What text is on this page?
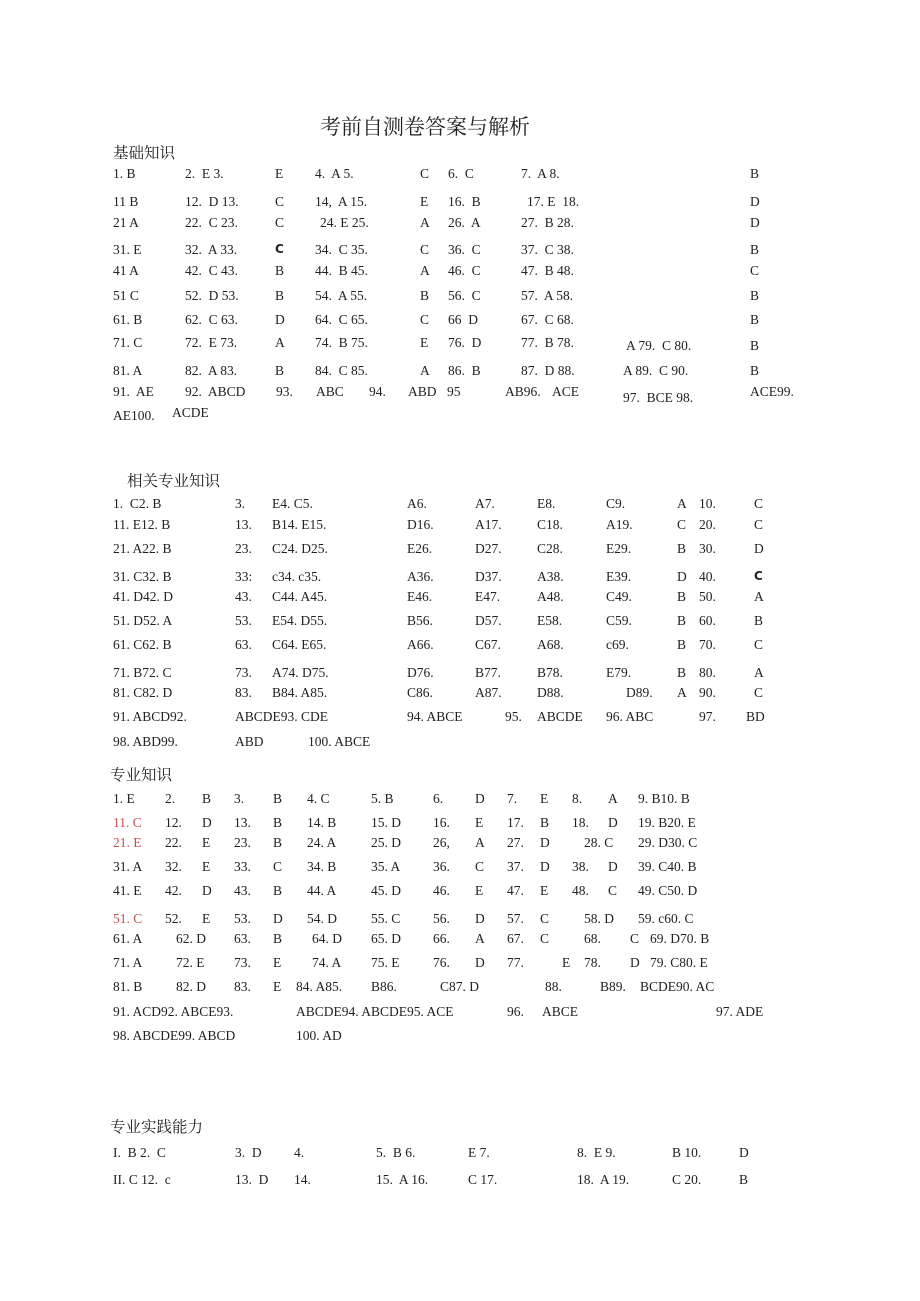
考前自测卷答案与解析
基础知识
1. B	2.  E 3.	E 4.  A 5.	C 6.  C	7.  A 8.	B
11 B	12.  D 13.	C 14,  A 15.	E 16.  B	17. E  18.	D
21 A	22.  C 23.	C	24. E 25.	A 26.  A	27.  B 28.	D
31. E	32.  A 33.	C 34.  C 35.	C 36.  C	37.  C 38.	B
41 A	42.  C 43.	B 44.  B 45.	A 46.  C	47.  B 48.	C
51 C	52.  D 53.	B 54.  A 55.	B 56.  C	57.  A 58.	B
61. B	62.  C 63.	D 64.  C 65.	C 66  D	67.  C 68.	B
71. C	72.  E 73.	A 74.  B 75.	E 76.  D	77.  B 78.	A 79.  C 80.	B
81. A	82.  A 83.	B 84.  C 85.	A 86.  B	87.  D 88.	A 89.  C 90.	B
91.  AE 92.  ABCD 93. ABC 94. ABD 95	AB96. ACE	97.  BCE 98.	ACE99.
AE100. ACDE
相关专业知识
1.  C2. B	3. E4. C5.	A6.	A7.	E8.	C9.	A 10.	C
11. E12. B	13. B14. E15.	D16.	A17.	C18.	A19.	C 20.	C
21. A22. B	23. C24. D25.	E26.	D27.	C28.	E29.	B 30.	D
31. C32. B	33: c34. c35.	A36.	D37.	A38.	E39.	D 40.	C
41. D42. D	43. C44. A45.	E46.	E47.	A48.	C49.	B 50.	A
51. D52. A	53. E54. D55.	B56.	D57.	E58.	C59.	B 60.	B
61. C62. B	63. C64. E65.	A66.	C67.	A68.	c69.	B 70.	C
71. B72. C	73. A74. D75.	D76.	B77.	B78.	E79.	B 80.	A
81. C82. D	83. B84. A85.	C86.	A87.	D88.	D89. A 90.	C
91. ABCD92.	ABCDE93. CDE	94. ABCE	95. ABCDE 96. ABC	97. BD
98. ABD99.	ABD	100. ABCE
专业知识
1. E 2. B 3. B 4. C	5. B	6. D 7. E 8. A 9. B10. B
11. C 12. D 13. B 14. B	15. D 16. E 17. B 18. D 19. B20. E
21. E 22. E 23. B 24. A	25. D 26, A 27. D	28. C 29. D30. C
31. A 32. E 33. C 34. B	35. A 36. C 37. D 38. D 39. C40. B
41. E 42. D 43. B 44. A	45. D 46. E 47. E 48. C 49. C50. D
51. C 52. E 53. D 54. D	55. C 56. D 57. C	58. D 59. c60. C
61. A 62. D 63. B 64. D 65. D 66. A 67. C	68. C 69. D70. B
71. A 72. E 73. E 74. A 75. E 76. D 77.	E 78. D 79. C80. E
81. B 82. D 83. E 84. A85. B86.	C87. D	88.	B89. BCDE90. AC
91. ACD92. ABCE93.	ABCDE94. ABCDE95. ACE	96. ABCE	97. ADE
98. ABCDE99. ABCD	100. AD
专业实践能力
I.  B 2.  C	3.  D 4.	5.  B 6.	E 7.	8.  E 9.	B 10.	D
II. C 12.  c	13.  D 14.	15.  A 16.	C 17.	18.  A 19.	C 20.	B
